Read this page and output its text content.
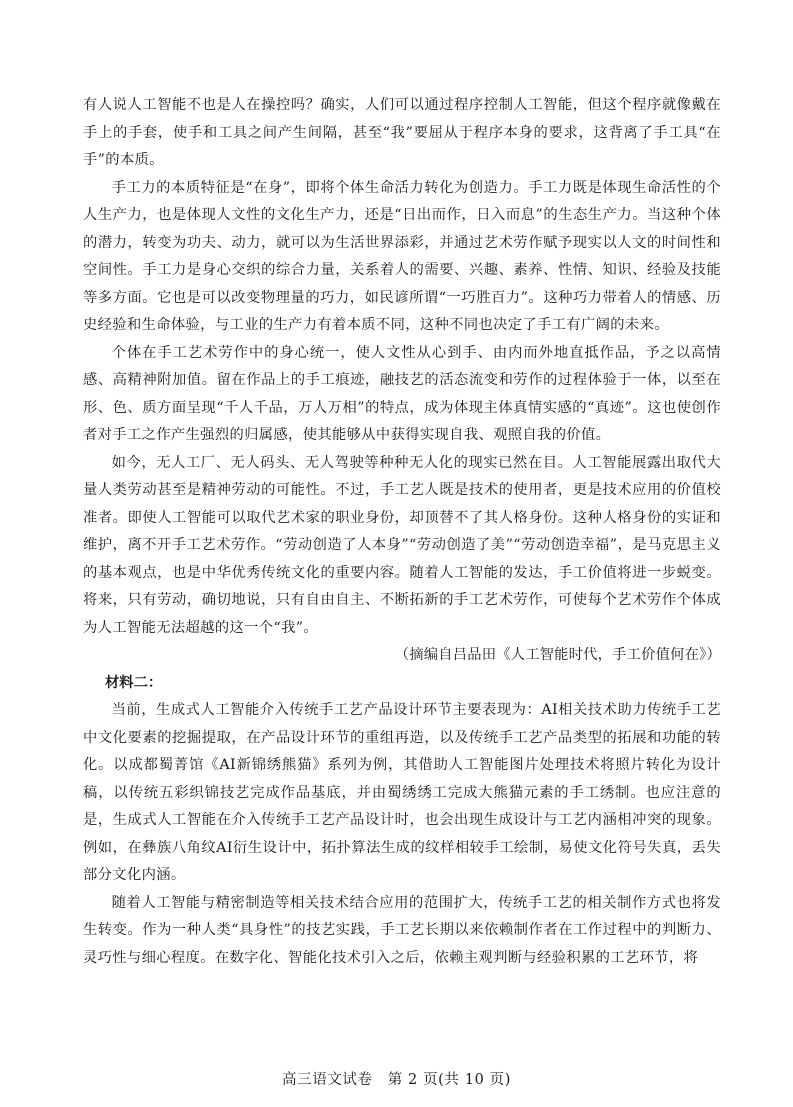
有人说人工智能不也是人在操控吗？确实，人们可以通过程序控制人工智能，但这个程序就像戴在手上的手套，使手和工具之间产生间隔，甚至“我”要屈从于程序本身的要求，这背离了手工具“在手”的本质。

手工力的本质特征是“在身”，即将个体生命活力转化为创造力。手工力既是体现生命活性的个人生产力，也是体现人文性的文化生产力，还是“日出而作，日入而息”的生态生产力。当这种个体的潜力，转变为功夫、动力，就可以为生活世界添彩，并通过艺术劳作赋予现实以人文的时间性和空间性。手工力是身心交织的综合力量，关系着人的需要、兴趣、素养、性情、知识、经验及技能等多方面。它也是可以改变物理量的巧力，如民谚所谓“一巧胜百力”。这种巧力带着人的情感、历史经验和生命体验，与工业的生产力有着本质不同，这种不同也决定了手工有广阔的未来。

个体在手工艺术劳作中的身心统一，使人文性从心到手、由内而外地直抵作品，予之以高情感、高精神附加值。留在作品上的手工痕迹，融技艺的活态流变和劳作的过程体验于一体，以至在形、色、质方面呈现“千人千品，万人万相”的特点，成为体现主体真情实感的“真迹”。这也使创作者对手工之作产生强烈的归属感，使其能够从中获得实现自我、观照自我的价值。

如今，无人工厂、无人码头、无人驾驶等种种无人化的现实已然在目。人工智能展露出取代大量人类劳动甚至是精神劳动的可能性。不过，手工艺人既是技术的使用者，更是技术应用的价值校准者。即使人工智能可以取代艺术家的职业身份，却顶替不了其人格身份。这种人格身份的实证和维护，离不开手工艺术劳作。“劳动创造了人本身”“劳动创造了美”“劳动创造幸福”，是马克思主义的基本观点，也是中华优秀传统文化的重要内容。随着人工智能的发达，手工价值将进一步蜕变。将来，只有劳动，确切地说，只有自由自主、不断拓新的手工艺术劳作，可使每个艺术劳作个体成为人工智能无法超越的这一个“我”。

（摘编自吕品田《人工智能时代，手工价值何在》）

材料二：

当前，生成式人工智能介入传统手工艺产品设计环节主要表现为：AI相关技术助力传统手工艺中文化要素的挖掘提取，在产品设计环节的重组再造，以及传统手工艺产品类型的拓展和功能的转化。以成都蜀菁馆《AI新锦绣熊猫》系列为例，其借助人工智能图片处理技术将照片转化为设计稿，以传统五彩织锦技艺完成作品基底，并由蜀绣绣工完成大熊猫元素的手工绣制。也应注意的是，生成式人工智能在介入传统手工艺产品设计时，也会出现生成设计与工艺内涵相冲突的现象。例如，在彝族八角纹AI衍生设计中，拓扑算法生成的纹样相较手工绘制，易使文化符号失真，丢失部分文化内涵。

随着人工智能与精密制造等相关技术结合应用的范围扩大，传统手工艺的相关制作方式也将发生转变。作为一种人类“具身性”的技艺实践，手工艺长期以来依赖制作者在工作过程中的判断力、灵巧性与细心程度。在数字化、智能化技术引入之后，依赖主观判断与经验积累的工艺环节，将

高三语文试卷　第 2 页(共 10 页)
